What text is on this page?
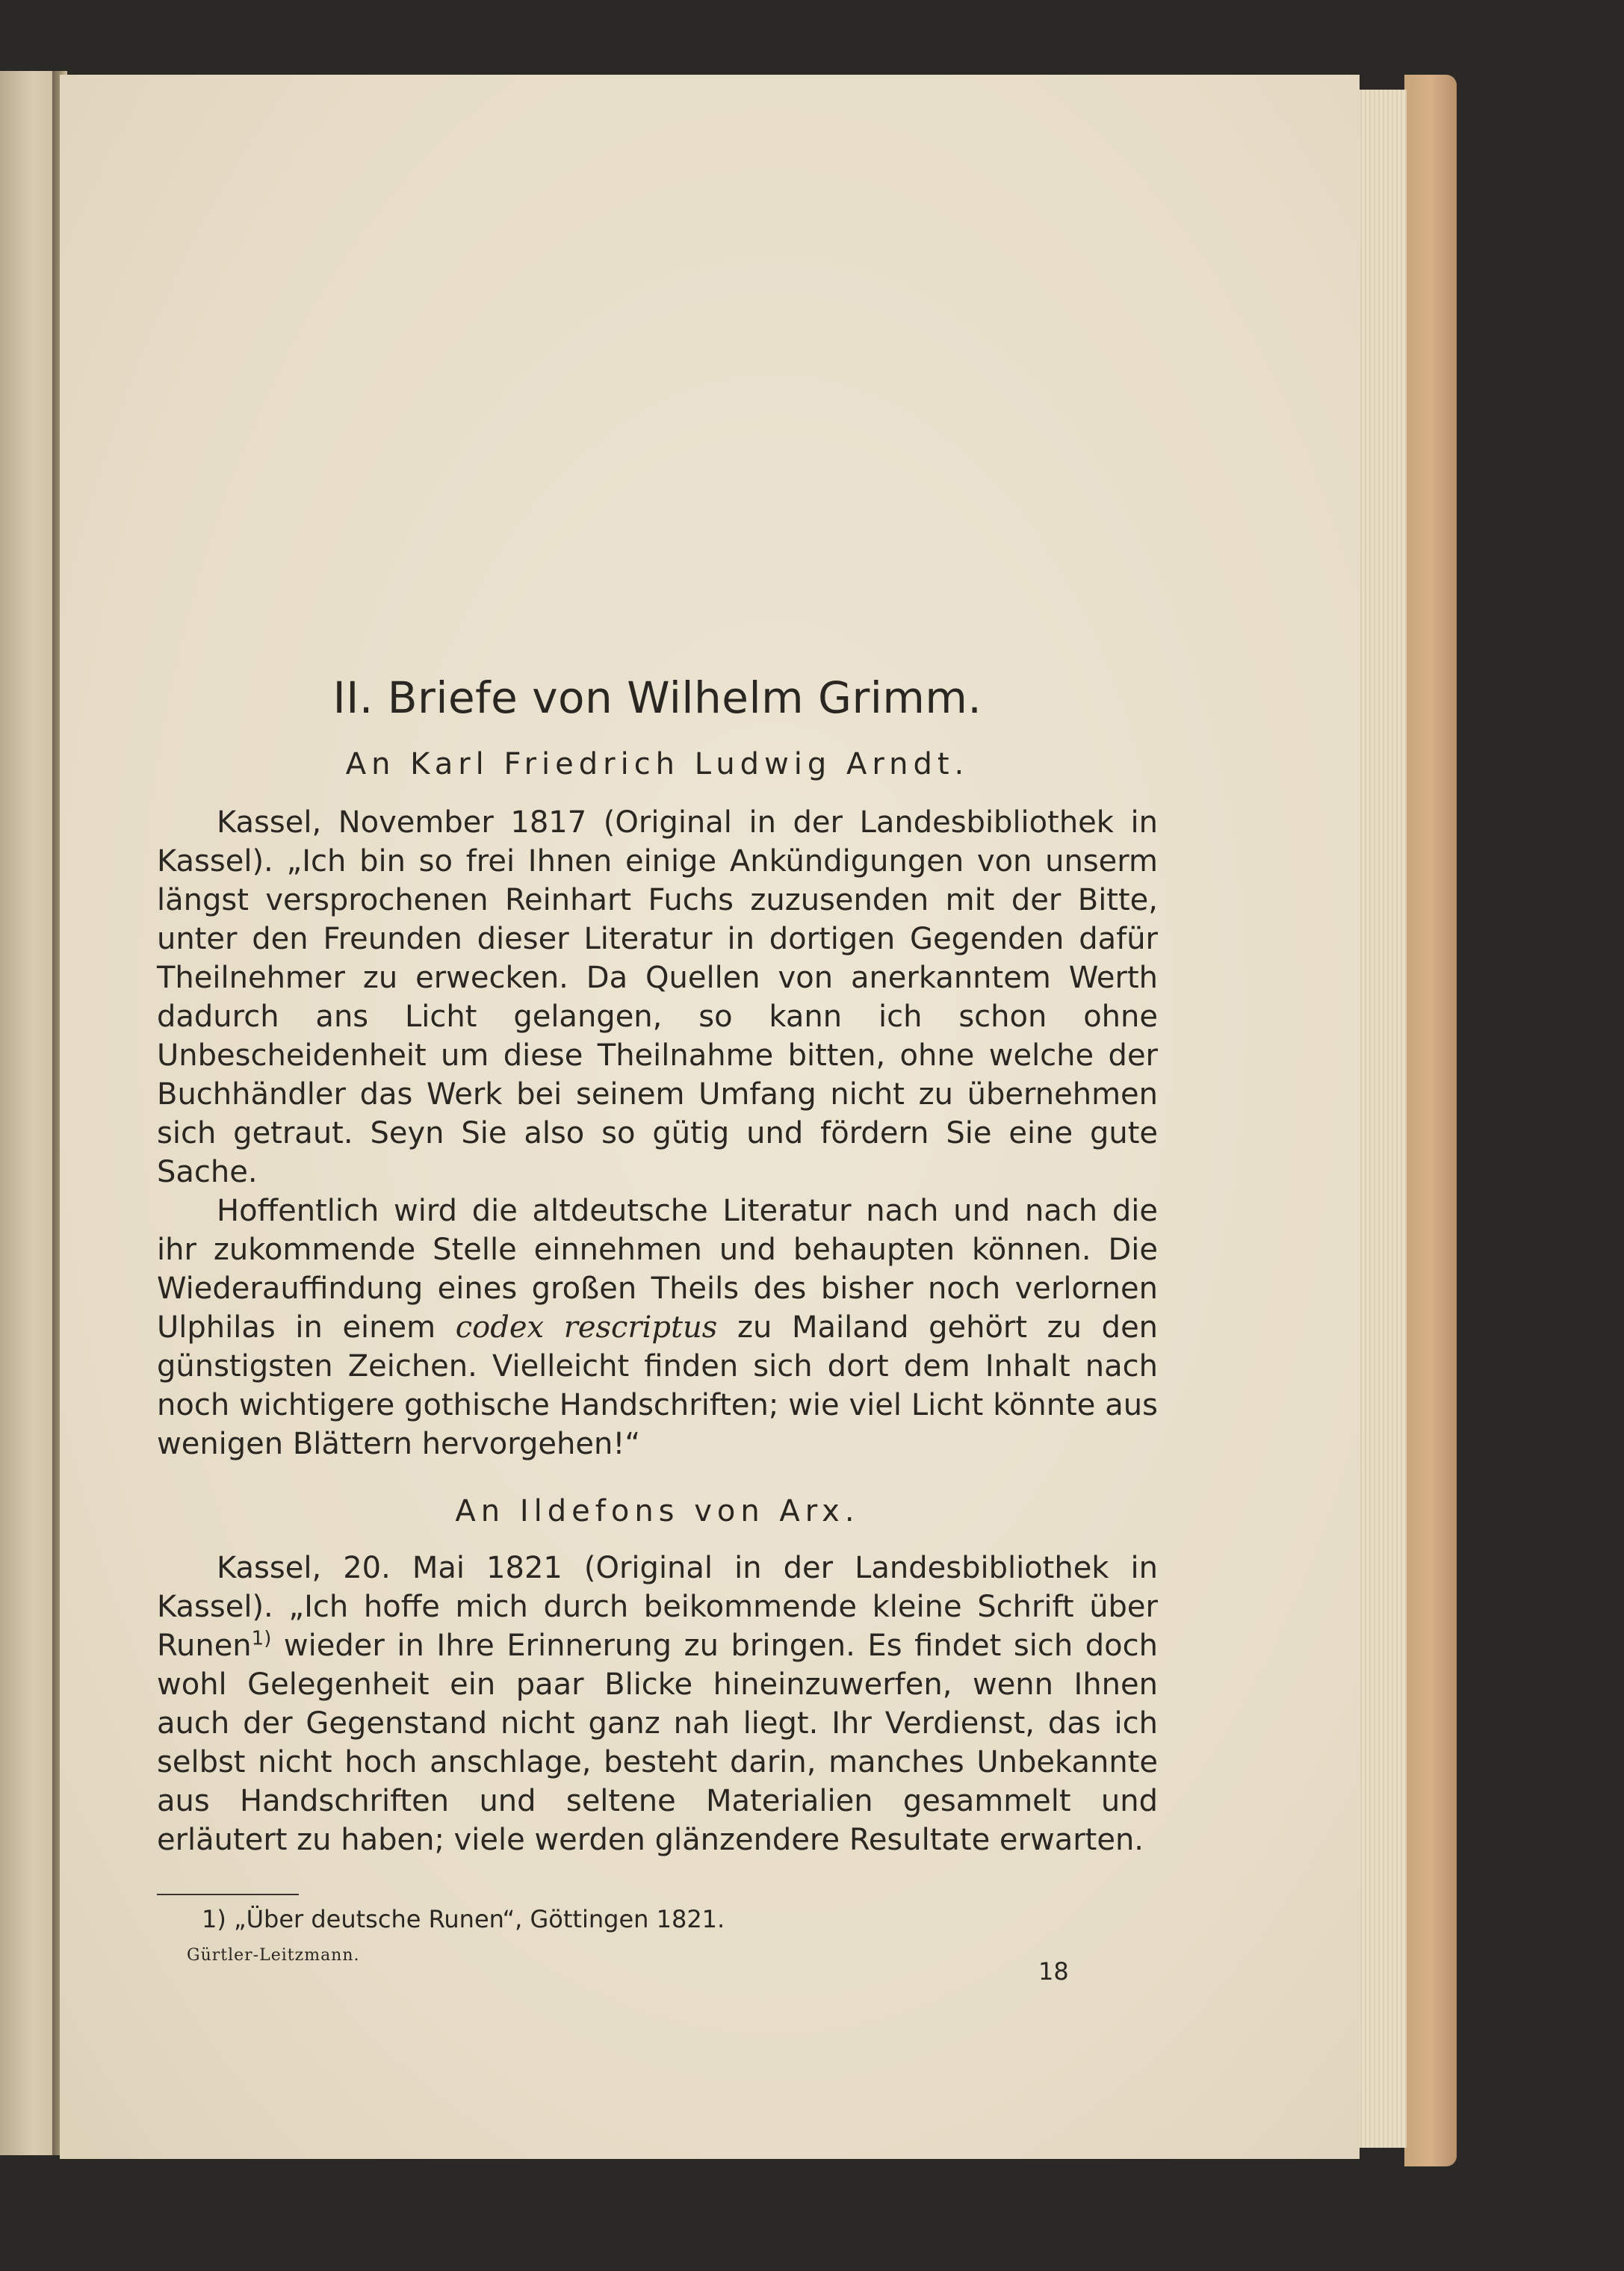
II. Briefe von Wilhelm Grimm.
An Karl Friedrich Ludwig Arndt.

Kassel, November 1817 (Original in der Landesbibliothek in Kassel). „Ich bin so frei Ihnen einige Ankündigungen von unserm längst versprochenen Reinhart Fuchs zuzusenden mit der Bitte, unter den Freunden dieser Literatur in dortigen Gegenden dafür Theilnehmer zu erwecken. Da Quellen von anerkanntem Werth dadurch ans Licht gelangen, so kann ich schon ohne Unbescheidenheit um diese Theilnahme bitten, ohne welche der Buchhändler das Werk bei seinem Umfang nicht zu übernehmen sich getraut. Seyn Sie also so gütig und fördern Sie eine gute Sache.

Hoffentlich wird die altdeutsche Literatur nach und nach die ihr zukommende Stelle einnehmen und behaupten können. Die Wiederauffindung eines großen Theils des bisher noch verlornen Ulphilas in einem codex rescriptus zu Mailand gehört zu den günstigsten Zeichen. Vielleicht finden sich dort dem Inhalt nach noch wichtigere gothische Handschriften; wie viel Licht könnte aus wenigen Blättern hervorgehen!“

An Ildefons von Arx.

Kassel, 20. Mai 1821 (Original in der Landesbibliothek in Kassel). „Ich hoffe mich durch beikommende kleine Schrift über Runen$^{1)}$ wieder in Ihre Erinnerung zu bringen. Es findet sich doch wohl Gelegenheit ein paar Blicke hineinzuwerfen, wenn Ihnen auch der Gegenstand nicht ganz nah liegt. Ihr Verdienst, das ich selbst nicht hoch anschlage, besteht darin, manches Unbekannte aus Handschriften und seltene Materialien gesammelt und erläutert zu haben; viele werden glänzendere Resultate erwarten.

1) „Über deutsche Runen“, Göttingen 1821.

Gürtler-Leitzmann.

18
